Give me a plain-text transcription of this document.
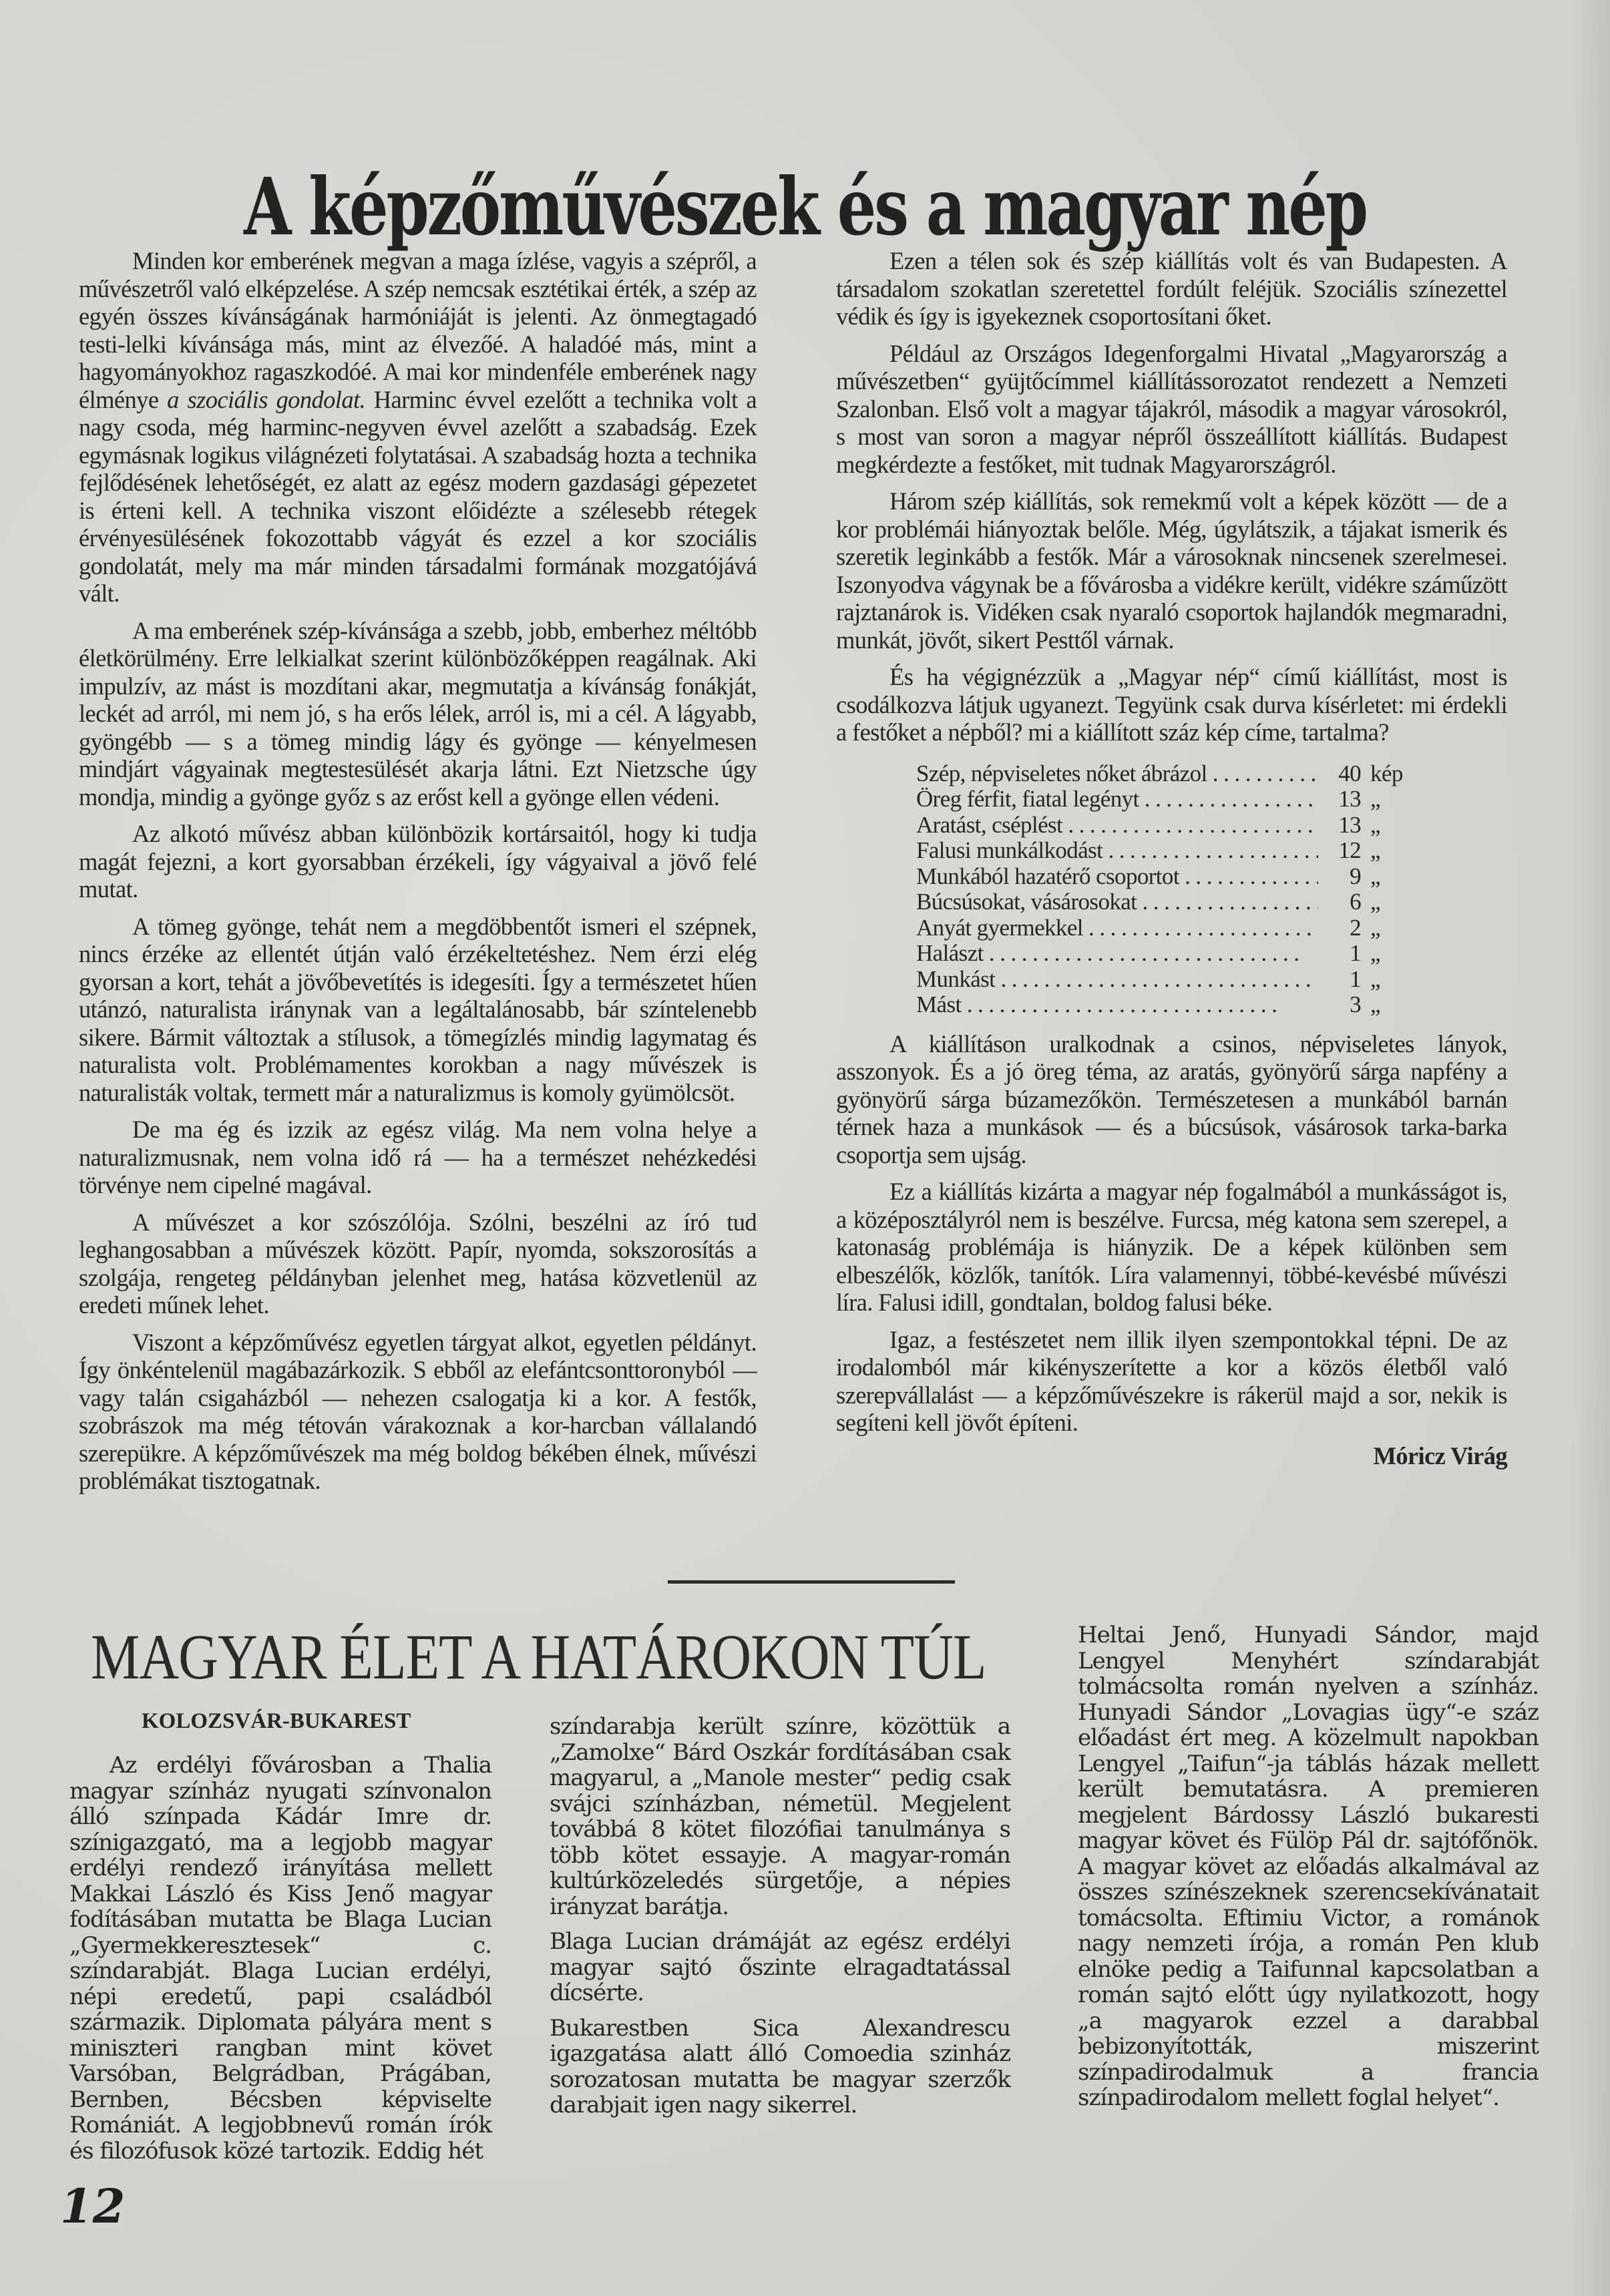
A képzőművészek és a magyar nép

Minden kor emberének megvan a maga ízlése, vagyis a szépről, a művészetről való elképzelése. A szép nemcsak esztétikai érték, a szép az egyén összes kívánságának harmóniáját is jelenti. Az önmegtagadó testi-lelki kívánsága más, mint az élvezőé. A haladóé más, mint a hagyományokhoz ragaszkodóé. A mai kor mindenféle emberének nagy élménye a szociális gondolat. Harminc évvel ezelőtt a technika volt a nagy csoda, még harminc-negyven évvel azelőtt a szabadság. Ezek egymásnak logikus világnézeti folytatásai. A szabadság hozta a technika fejlődésének lehetőségét, ez alatt az egész modern gazdasági gépezetet is érteni kell. A technika viszont előidézte a szélesebb rétegek érvényesülésének fokozottabb vágyát és ezzel a kor szociális gondolatát, mely ma már minden társadalmi formának mozgatójává vált.

A ma emberének szép-kívánsága a szebb, jobb, emberhez méltóbb életkörülmény. Erre lelkialkat szerint különbözőképpen reagálnak. Aki impulzív, az mást is mozdítani akar, megmutatja a kívánság fonákját, leckét ad arról, mi nem jó, s ha erős lélek, arról is, mi a cél. A lágyabb, gyöngébb — s a tömeg mindig lágy és gyönge — kényelmesen mindjárt vágyainak megtestesülését akarja látni. Ezt Nietzsche úgy mondja, mindig a gyönge győz s az erőst kell a gyönge ellen védeni.

Az alkotó művész abban különbözik kortársaitól, hogy ki tudja magát fejezni, a kort gyorsabban érzékeli, így vágyaival a jövő felé mutat.

A tömeg gyönge, tehát nem a megdöbbentőt ismeri el szépnek, nincs érzéke az ellentét útján való érzékeltetéshez. Nem érzi elég gyorsan a kort, tehát a jövőbevetítés is idegesíti. Így a természetet hűen utánzó, naturalista iránynak van a legáltalánosabb, bár színtelenebb sikere. Bármit változtak a stílusok, a tömegízlés mindig lagymatag és naturalista volt. Problémamentes korokban a nagy művészek is naturalisták voltak, termett már a naturalizmus is komoly gyümölcsöt.

De ma ég és izzik az egész világ. Ma nem volna helye a naturalizmusnak, nem volna idő rá — ha a természet nehézkedési törvénye nem cipelné magával.

A művészet a kor szószólója. Szólni, beszélni az író tud leghangosabban a művészek között. Papír, nyomda, sokszorosítás a szolgája, rengeteg példányban jelenhet meg, hatása közvetlenül az eredeti műnek lehet.

Viszont a képzőművész egyetlen tárgyat alkot, egyetlen példányt. Így önkéntelenül magábazárkozik. S ebből az elefántcsonttoronyból — vagy talán csigaházból — nehezen csalogatja ki a kor. A festők, szobrászok ma még tétován várakoznak a kor-harcban vállalandó szerepükre. A képzőművészek ma még boldog békében élnek, művészi problémákat tisztogatnak.

Ezen a télen sok és szép kiállítás volt és van Budapesten. A társadalom szokatlan szeretettel fordúlt feléjük. Szociális színezettel védik és így is igyekeznek csoportosítani őket.

Például az Országos Idegenforgalmi Hivatal „Magyarország a művészetben“ gyüjtőcímmel kiállítássorozatot rendezett a Nemzeti Szalonban. Első volt a magyar tájakról, második a magyar városokról, s most van soron a magyar népről összeállított kiállítás. Budapest megkérdezte a festőket, mit tudnak Magyarországról.

Három szép kiállítás, sok remekmű volt a képek között — de a kor problémái hiányoztak belőle. Még, úgylátszik, a tájakat ismerik és szeretik leginkább a festők. Már a városoknak nincsenek szerelmesei. Iszonyodva vágynak be a fővárosba a vidékre került, vidékre száműzött rajztanárok is. Vidéken csak nyaraló csoportok hajlandók megmaradni, munkát, jövőt, sikert Pesttől várnak.

És ha végignézzük a „Magyar nép“ című kiállítást, most is csodálkozva látjuk ugyanezt. Tegyünk csak durva kísérletet: mi érdekli a festőket a népből? mi a kiállított száz kép címe, tartalma?

Szép, népviseletes nőket ábrázol . . .	40 kép
Öreg férfit, fiatal legényt . . .	13 „
Aratást, cséplést . . .	13 „
Falusi munkálkodást . . .	12 „
Munkából hazatérő csoportot . . .	9 „
Búcsúsokat, vásárosokat . . .	6 „
Anyát gyermekkel . . .	2 „
Halászt . . .	1 „
Munkást . . .	1 „
Mást . . .	3 „

A kiállításon uralkodnak a csinos, népviseletes lányok, asszonyok. És a jó öreg téma, az aratás, gyönyörű sárga napfény a gyönyörű sárga búzamezőkön. Természetesen a munkából barnán térnek haza a munkások — és a búcsúsok, vásárosok tarka-barka csoportja sem ujság.

Ez a kiállítás kizárta a magyar nép fogalmából a munkásságot is, a középosztályról nem is beszélve. Furcsa, még katona sem szerepel, a katonaság problémája is hiányzik. De a képek különben sem elbeszélők, közlők, tanítók. Líra valamennyi, többé-kevésbé művészi líra. Falusi idill, gondtalan, boldog falusi béke.

Igaz, a festészetet nem illik ilyen szempontokkal tépni. De az irodalomból már kikényszerítette a kor a közös életből való szerepvállalást — a képzőművészekre is rákerül majd a sor, nekik is segíteni kell jövőt építeni.

Móricz Virág
MAGYAR ÉLET A HATÁROKON TÚL
KOLOZSVÁR-BUKAREST

Az erdélyi fővárosban a Thalia magyar színház nyugati színvonalon álló színpada Kádár Imre dr. színigazgató, ma a legjobb magyar erdélyi rendező irányítása mellett Makkai László és Kiss Jenő magyar fodításában mutatta be Blaga Lucian „Gyermekkeresztesek“ c. színdarabját. Blaga Lucian erdélyi, népi eredetű, papi családból származik. Diplomata pályára ment s miniszteri rangban mint követ Varsóban, Belgrádban, Prágában, Bernben, Bécsben képviselte Romániát. A legjobbnevű román írók és filozófusok közé tartozik. Eddig hét

színdarabja került színre, közöttük a „Zamolxe“ Bárd Oszkár fordításában csak magyarul, a „Manole mester“ pedig csak svájci színházban, németül. Megjelent továbbá 8 kötet filozófiai tanulmánya s több kötet essayje. A magyar-román kultúrközeledés sürgetője, a népies irányzat barátja.

Blaga Lucian drámáját az egész erdélyi magyar sajtó őszinte elragadtatással dícsérte.

Bukarestben Sica Alexandrescu igazgatása alatt álló Comoedia szinház sorozatosan mutatta be magyar szerzők darabjait igen nagy sikerrel.

Heltai Jenő, Hunyadi Sándor, majd Lengyel Menyhért színdarabját tolmácsolta román nyelven a színház. Hunyadi Sándor „Lovagias ügy“-e száz előadást ért meg. A közelmult napokban Lengyel „Taifun“-ja táblás házak mellett került bemutatásra. A premieren megjelent Bárdossy László bukaresti magyar követ és Fülöp Pál dr. sajtófőnök. A magyar követ az előadás alkalmával az összes színészeknek szerencsekívánatait tomácsolta. Eftimiu Victor, a románok nagy nemzeti írója, a román Pen klub elnöke pedig a Taifunnal kapcsolatban a román sajtó előtt úgy nyilatkozott, hogy „a magyarok ezzel a darabbal bebizonyították, miszerint színpadirodalmuk a francia színpadirodalom mellett foglal helyet“.

12
